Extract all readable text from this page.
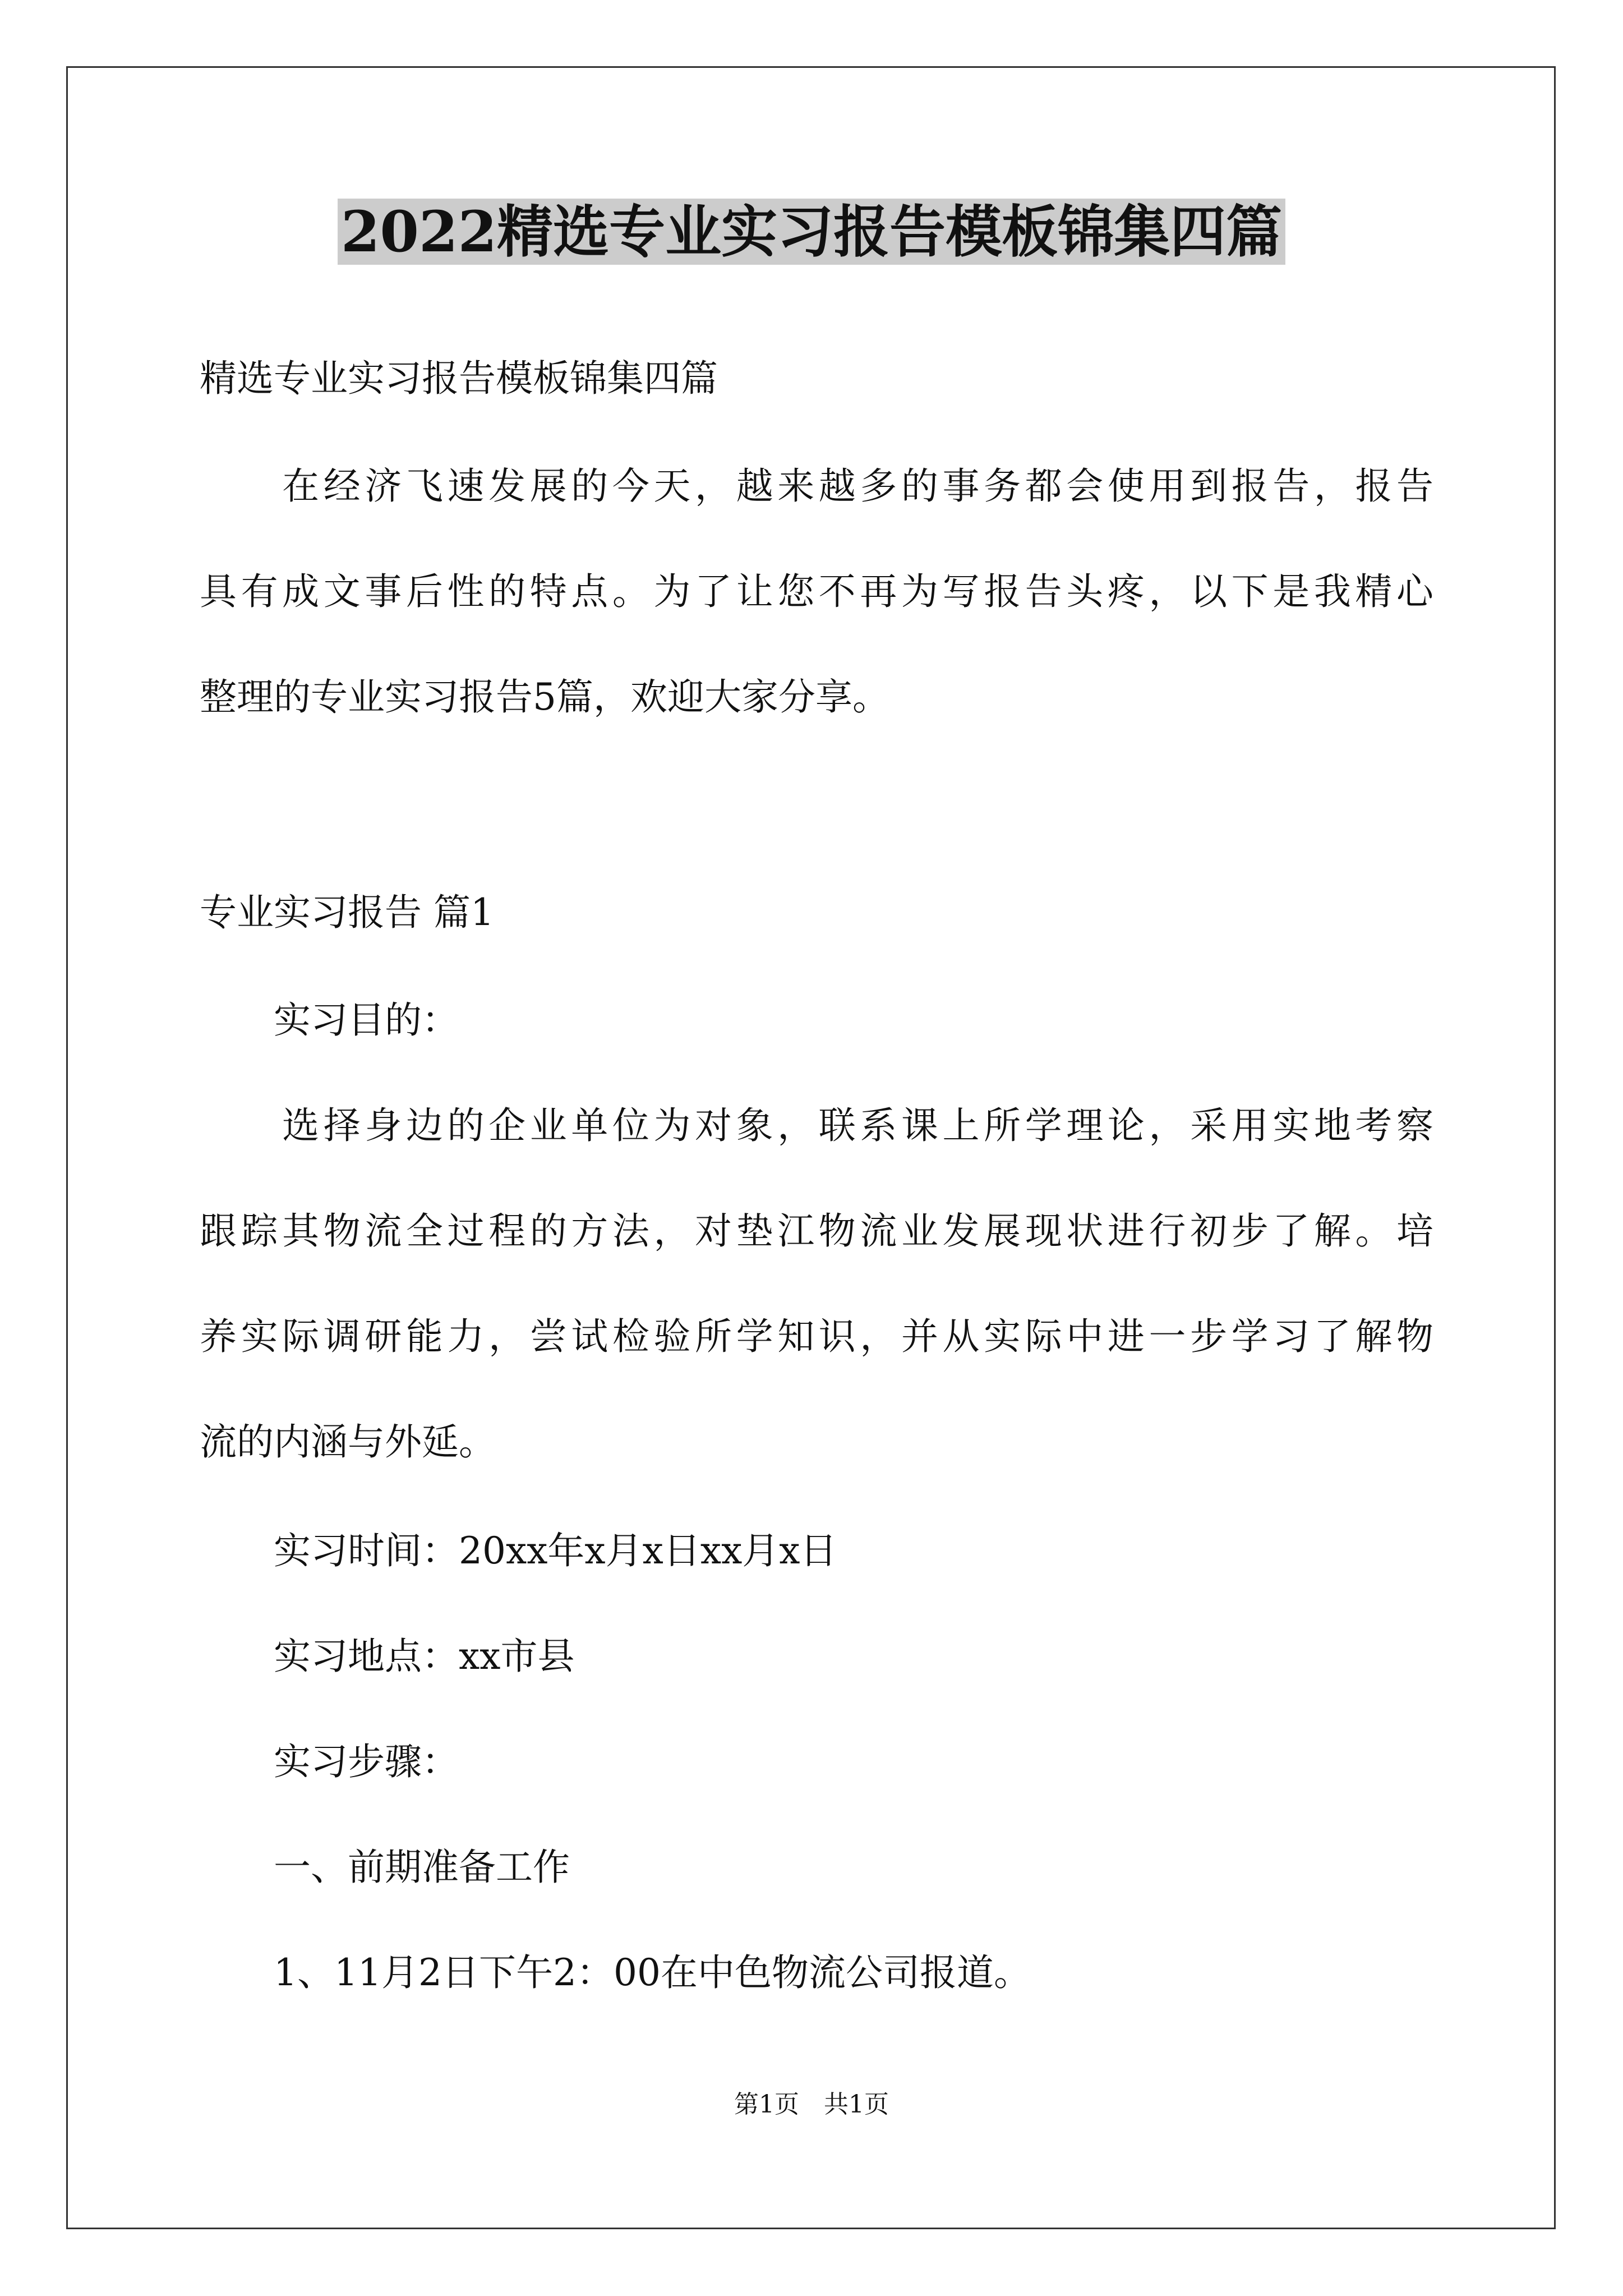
2022精选专业实习报告模板锦集四篇

精选专业实习报告模板锦集四篇

　　在经济飞速发展的今天，越来越多的事务都会使用到报告，报告

具有成文事后性的特点。为了让您不再为写报告头疼，以下是我精心

整理的专业实习报告5篇，欢迎大家分享。

专业实习报告 篇1

　　实习目的：

　　选择身边的企业单位为对象，联系课上所学理论，采用实地考察

跟踪其物流全过程的方法，对垫江物流业发展现状进行初步了解。培

养实际调研能力，尝试检验所学知识，并从实际中进一步学习了解物

流的内涵与外延。

　　实习时间：20xx年x月x日xx月x日

　　实习地点：xx市县

　　实习步骤：

　　一、前期准备工作

　　1、11月2日下午2：00在中色物流公司报道。

第1页　共1页
